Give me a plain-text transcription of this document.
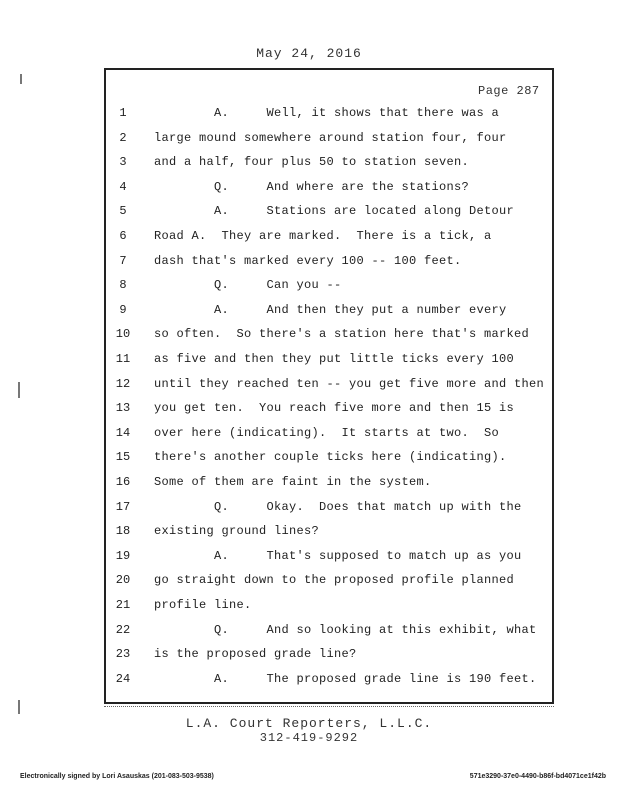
May 24, 2016
Page 287
1	A.     Well, it shows that there was a
2	large mound somewhere around station four, four
3	and a half, four plus 50 to station seven.
4	Q.     And where are the stations?
5	A.     Stations are located along Detour
6	Road A.  They are marked.  There is a tick, a
7	dash that's marked every 100 -- 100 feet.
8	Q.     Can you --
9	A.     And then they put a number every
10	so often.  So there's a station here that's marked
11	as five and then they put little ticks every 100
12	until they reached ten -- you get five more and then
13	you get ten.  You reach five more and then 15 is
14	over here (indicating).  It starts at two.  So
15	there's another couple ticks here (indicating).
16	Some of them are faint in the system.
17	Q.     Okay.  Does that match up with the
18	existing ground lines?
19	A.     That's supposed to match up as you
20	go straight down to the proposed profile planned
21	profile line.
22	Q.     And so looking at this exhibit, what
23	is the proposed grade line?
24	A.     The proposed grade line is 190 feet.
L.A. Court Reporters, L.L.C.
312-419-9292
Electronically signed by Lori Asauskas (201-083-503-9538)	571e3290-37e0-4490-b86f-bd4071ce1f42b
